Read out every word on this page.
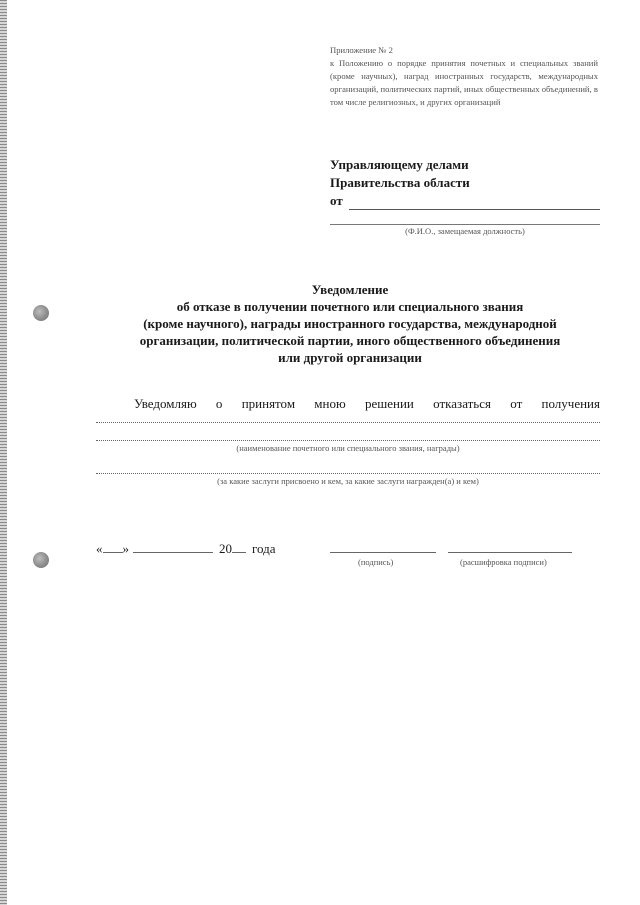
Приложение № 2
к Положению о порядке принятия почетных и специальных званий (кроме научных), наград иностранных государств, международных организаций, политических партий, иных общественных объединений, в том числе религиозных, и других организаций
Управляющему делами
Правительства области
от
(Ф.И.О., замещаемая должность)
Уведомление
об отказе в получении почетного или специального звания
(кроме научного), награды иностранного государства, международной
организации, политической партии, иного общественного объединения
или другой организации
Уведомляю о принятом мною решении отказаться от получения
(наименование почетного или специального звания, награды)
(за какие заслуги присвоено и кем, за какие заслуги награжден(а) и кем)
« »	20 года
(подпись)	(расшифровка подписи)
